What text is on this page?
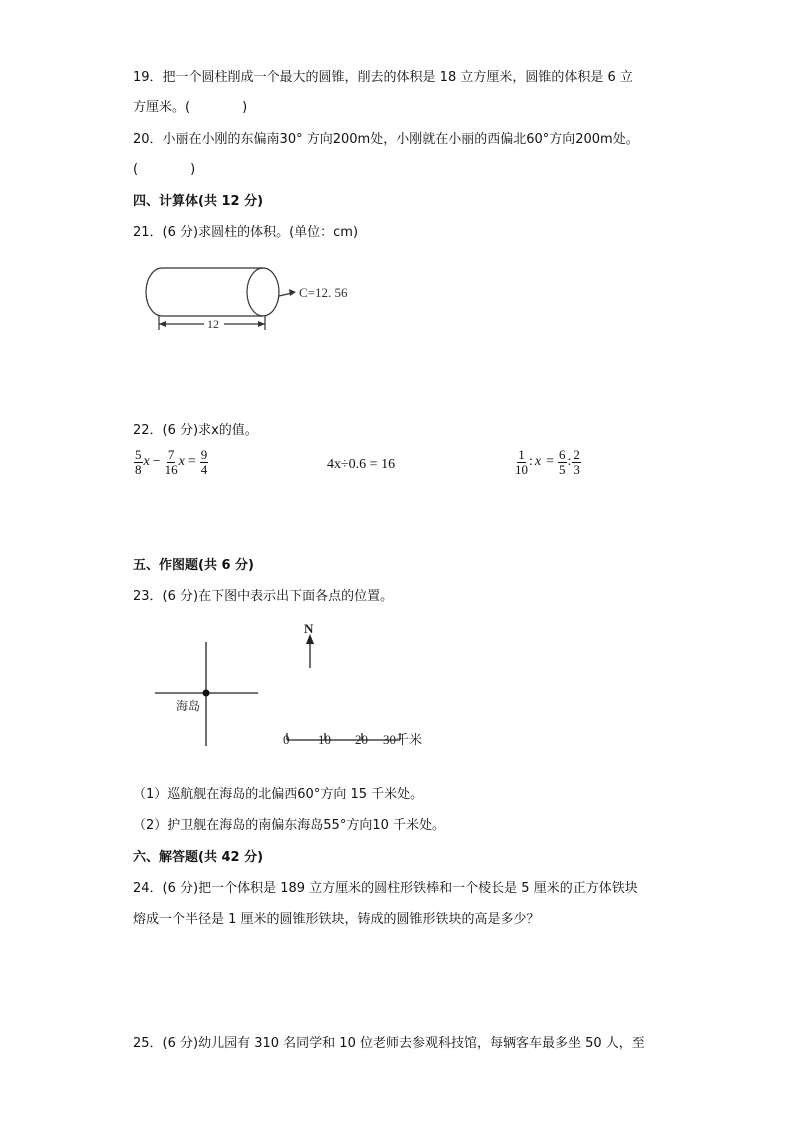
19．把一个圆柱削成一个最大的圆锥，削去的体积是 18 立方厘米，圆锥的体积是 6 立
方厘米。(　　　　)
20．小丽在小刚的东偏南30° 方向200m处，小刚就在小丽的西偏北60°方向200m处。
(　　　　)
四、计算体(共 12 分)
21．(6 分)求圆柱的体积。(单位：cm)
C=12. 56
12
22．(6 分)求x的值。
$\frac{5}{8}$ $x - \frac{7}{16}$ $x = \frac{9}{4}$	4x÷0.6 = 16	$\frac{1}{10}$ : $x = \frac{6}{5}$ : $\frac{2}{3}$
五、作图题(共 6 分)
23．(6 分)在下图中表示出下面各点的位置。
N
海岛
0 10 20 30千米
（1）巡航舰在海岛的北偏西60°方向 15 千米处。
（2）护卫舰在海岛的南偏东海岛55°方向10 千米处。
六、解答题(共 42 分)
24．(6 分)把一个体积是 189 立方厘米的圆柱形铁棒和一个棱长是 5 厘米的正方体铁块
熔成一个半径是 1 厘米的圆锥形铁块，铸成的圆锥形铁块的高是多少？
25．(6 分)幼儿园有 310 名同学和 10 位老师去参观科技馆，每辆客车最多坐 50 人，至
